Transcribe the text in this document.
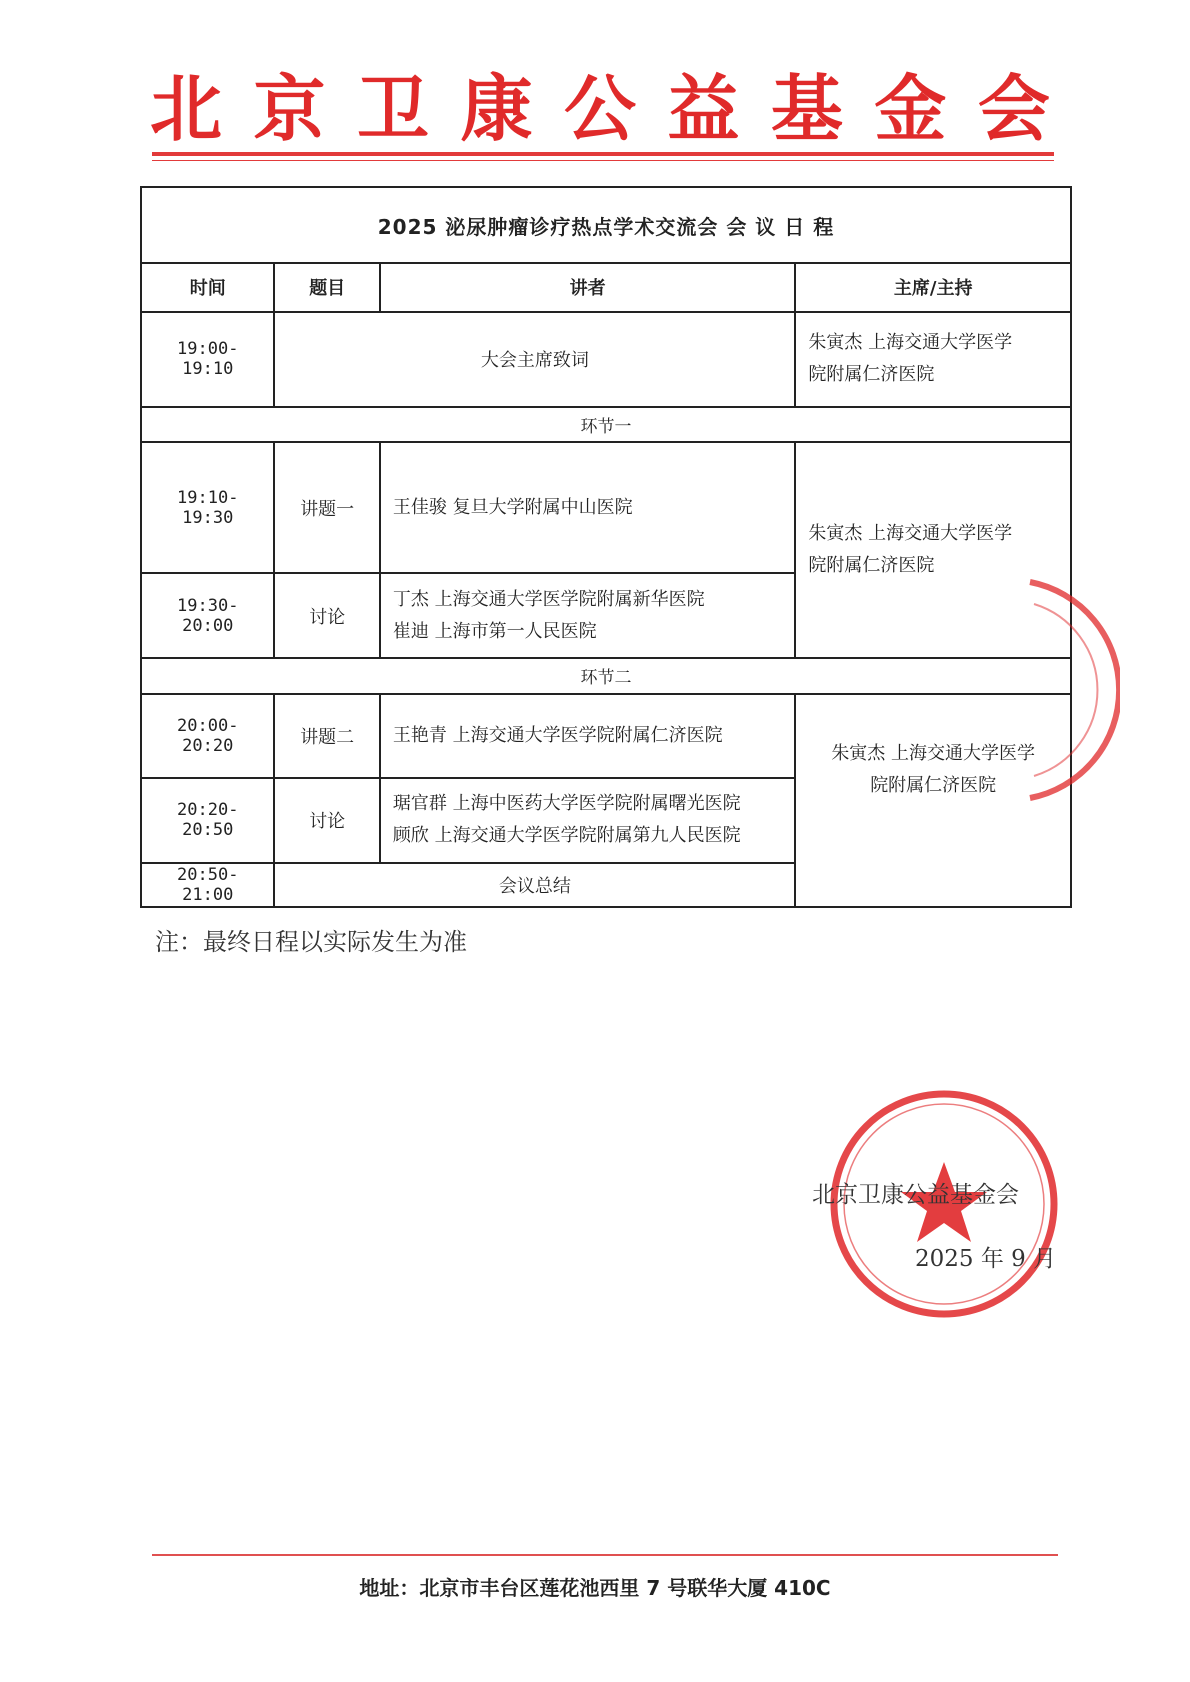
北 京 卫 康 公 益 基 金 会
2025 泌尿肿瘤诊疗热点学术交流会 会 议 日 程			
时间	题目	讲者	主席/主持
19:00-19:10	大会主席致词		朱寅杰 上海交通大学医学
院附属仁济医院

环节一			
19:10-19:30	讲题一	王佳骏 复旦大学附属中山医院	朱寅杰 上海交通大学医学
院附属仁济医院

19:30-20:00	讨论	丁杰 上海交通大学医学院附属新华医院
崔迪 上海市第一人民医院	

环节二			
20:00-20:20	讲题二	王艳青 上海交通大学医学院附属仁济医院	朱寅杰 上海交通大学医学
院附属仁济医院

20:20-20:50	讨论	琚官群 上海中医药大学医学院附属曙光医院
顾欣 上海交通大学医学院附属第九人民医院	

20:50-21:00	会议总结		
注：最终日程以实际发生为准
北京卫康公益基金会
2025 年 9 月
地址：北京市丰台区莲花池西里 7 号联华大厦 410C
